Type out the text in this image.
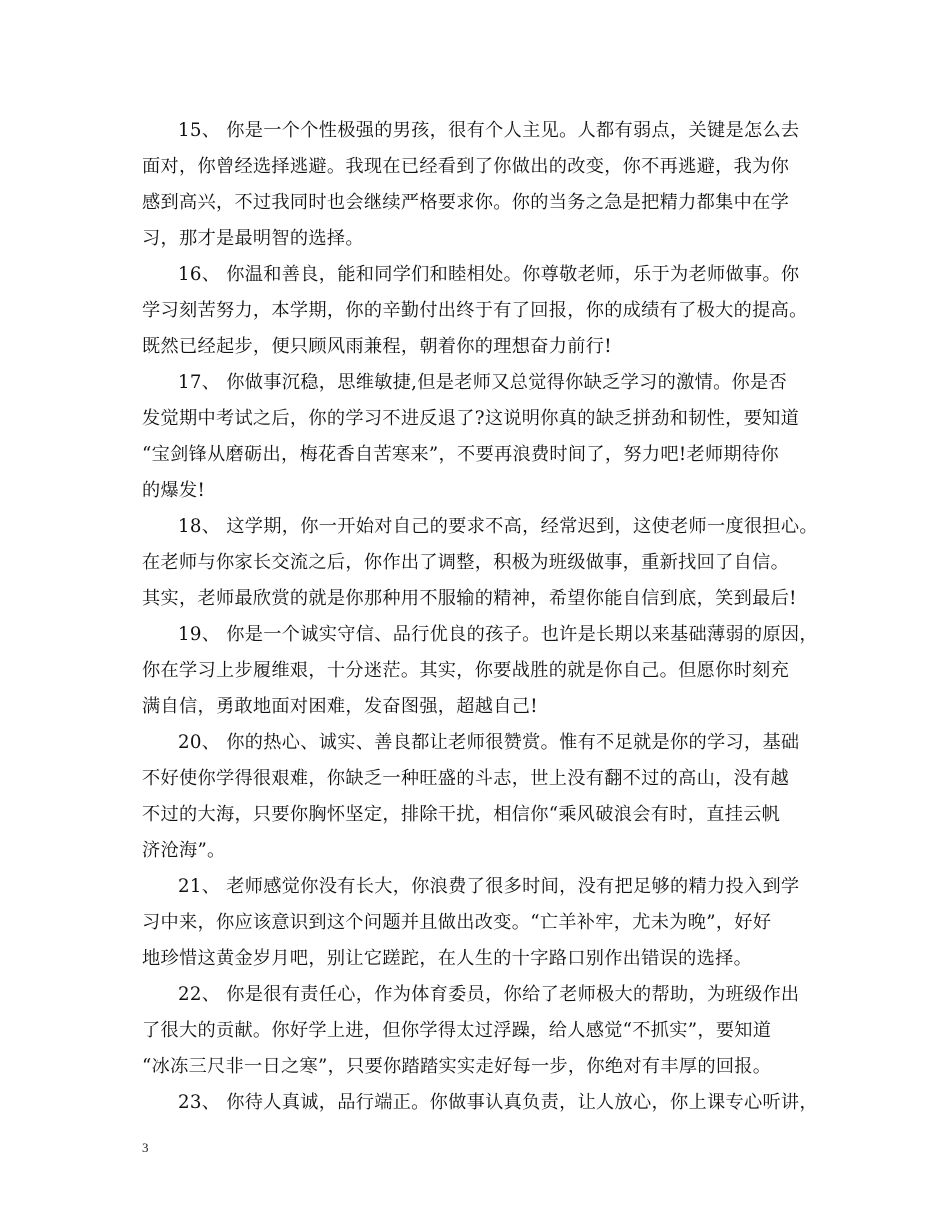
15、 你是一个个性极强的男孩，很有个人主见。人都有弱点，关键是怎么去
面对，你曾经选择逃避。我现在已经看到了你做出的改变，你不再逃避，我为你
感到高兴，不过我同时也会继续严格要求你。你的当务之急是把精力都集中在学
习，那才是最明智的选择。
16、 你温和善良，能和同学们和睦相处。你尊敬老师，乐于为老师做事。你
学习刻苦努力，本学期，你的辛勤付出终于有了回报，你的成绩有了极大的提高。
既然已经起步，便只顾风雨兼程，朝着你的理想奋力前行!
17、 你做事沉稳，思维敏捷,但是老师又总觉得你缺乏学习的激情。你是否
发觉期中考试之后，你的学习不进反退了?这说明你真的缺乏拼劲和韧性，要知道
“宝剑锋从磨砺出，梅花香自苦寒来”，不要再浪费时间了，努力吧!老师期待你
的爆发!
18、 这学期，你一开始对自己的要求不高，经常迟到，这使老师一度很担心。
在老师与你家长交流之后，你作出了调整，积极为班级做事，重新找回了自信。
其实，老师最欣赏的就是你那种用不服输的精神，希望你能自信到底，笑到最后!
19、 你是一个诚实守信、品行优良的孩子。也许是长期以来基础薄弱的原因，
你在学习上步履维艰，十分迷茫。其实，你要战胜的就是你自己。但愿你时刻充
满自信，勇敢地面对困难，发奋图强，超越自己!
20、 你的热心、诚实、善良都让老师很赞赏。惟有不足就是你的学习，基础
不好使你学得很艰难，你缺乏一种旺盛的斗志，世上没有翻不过的高山，没有越
不过的大海，只要你胸怀坚定，排除干扰，相信你“乘风破浪会有时，直挂云帆
济沧海”。
21、 老师感觉你没有长大，你浪费了很多时间，没有把足够的精力投入到学
习中来，你应该意识到这个问题并且做出改变。“亡羊补牢，尤未为晚”，好好
地珍惜这黄金岁月吧，别让它蹉跎，在人生的十字路口别作出错误的选择。
22、 你是很有责任心，作为体育委员，你给了老师极大的帮助，为班级作出
了很大的贡献。你好学上进，但你学得太过浮躁，给人感觉“不抓实”，要知道
“冰冻三尺非一日之寒”，只要你踏踏实实走好每一步，你绝对有丰厚的回报。
23、 你待人真诚，品行端正。你做事认真负责，让人放心，你上课专心听讲，
3
